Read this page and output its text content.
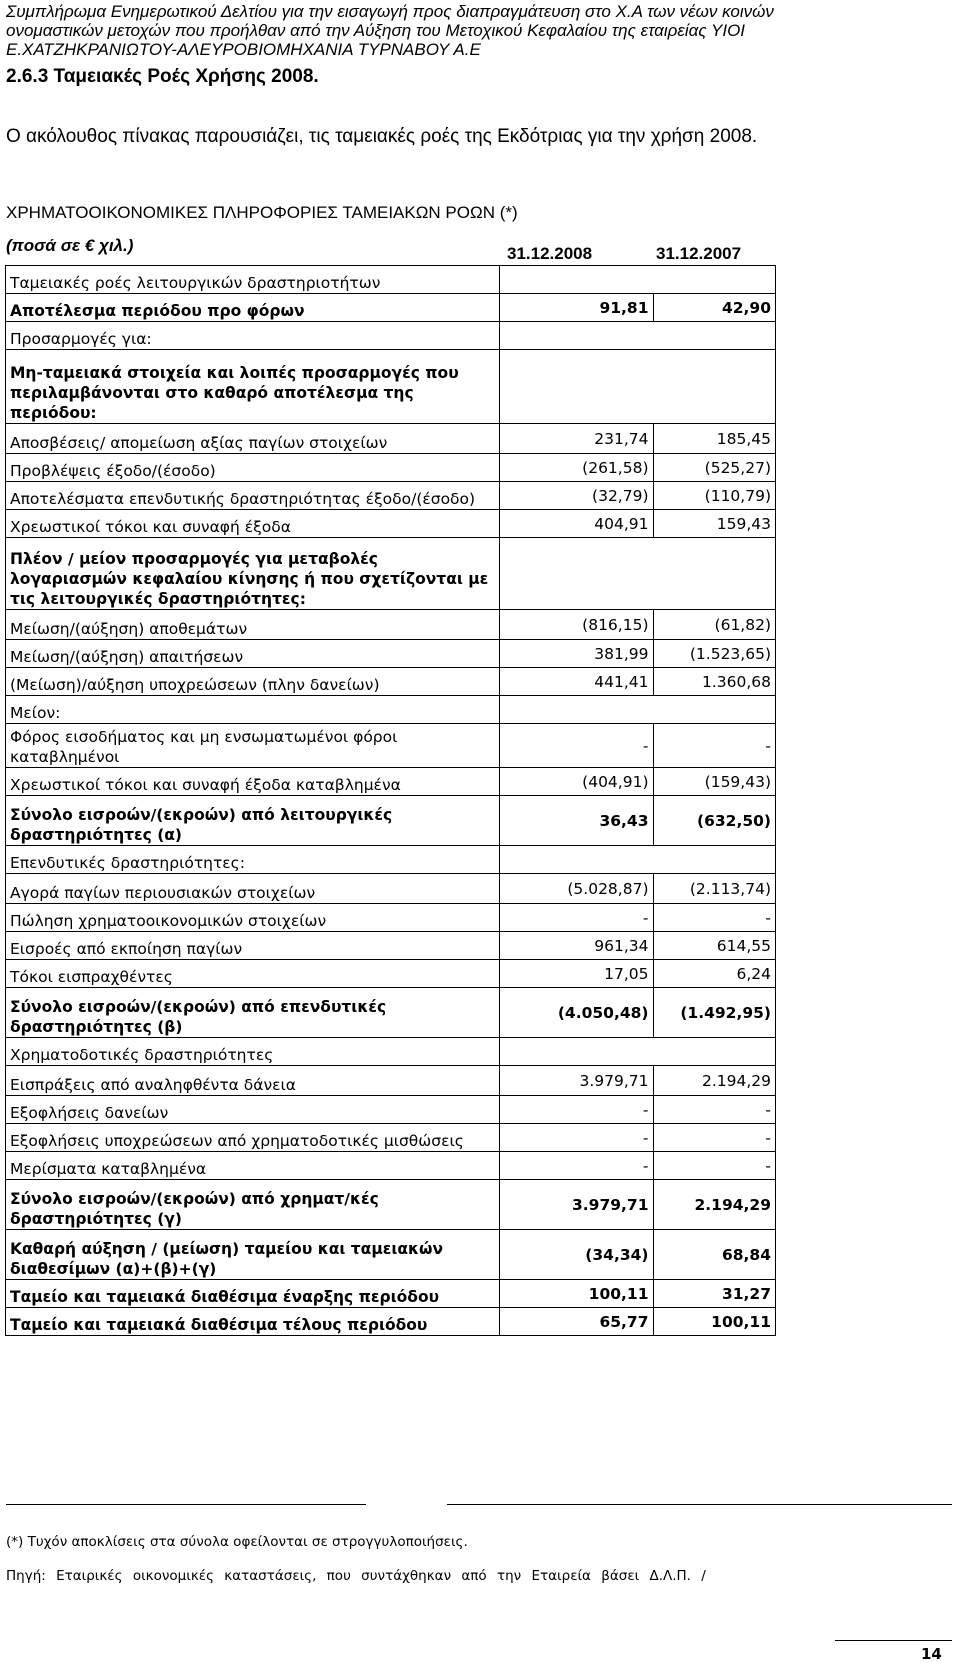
Συμπλήρωμα Ενημερωτικού Δελτίου για την εισαγωγή προς διαπραγμάτευση στο Χ.Α των νέων κοινών ονομαστικών μετοχών που προήλθαν από την Αύξηση του Μετοχικού Κεφαλαίου της εταιρείας ΥΙΟΙ Ε.ΧΑΤΖΗΚΡΑΝΙΩΤΟΥ-ΑΛΕΥΡΟΒΙΟΜΗΧΑΝΙΑ ΤΥΡΝΑΒΟΥ Α.Ε
2.6.3 Ταμειακές Ροές Χρήσης 2008.
Ο ακόλουθος πίνακας παρουσιάζει, τις ταμειακές ροές της Εκδότριας για την χρήση 2008.
ΧΡΗΜΑΤΟΟΙΚΟΝΟΜΙΚΕΣ ΠΛΗΡΟΦΟΡΙΕΣ ΤΑΜΕΙΑΚΩΝ ΡΟΩΝ (*)
(ποσά σε € χιλ.)	31.12.2008	31.12.2007
Ταμειακές ροές λειτουργικών δραστηριοτήτων		
Αποτέλεσμα περιόδου προ φόρων	91,81	42,90
Προσαρμογές για:		
Μη-ταμειακά στοιχεία και λοιπές προσαρμογές που περιλαμβάνονται στο καθαρό αποτέλεσμα της περιόδου:		
Αποσβέσεις/ απομείωση αξίας παγίων στοιχείων	231,74	185,45
Προβλέψεις έξοδο/(έσοδο)	(261,58)	(525,27)
Αποτελέσματα επενδυτικής δραστηριότητας έξοδο/(έσοδο)	(32,79)	(110,79)
Χρεωστικοί τόκοι και συναφή έξοδα	404,91	159,43
Πλέον / μείον προσαρμογές για μεταβολές λογαριασμών κεφαλαίου κίνησης ή που σχετίζονται με τις λειτουργικές δραστηριότητες:		
Μείωση/(αύξηση) αποθεμάτων	(816,15)	(61,82)
Μείωση/(αύξηση) απαιτήσεων	381,99	(1.523,65)
(Μείωση)/αύξηση υποχρεώσεων (πλην δανείων)	441,41	1.360,68
Μείον:		
Φόρος εισοδήματος και μη ενσωματωμένοι φόροι καταβλημένοι	-	-
Χρεωστικοί τόκοι και συναφή έξοδα καταβλημένα	(404,91)	(159,43)
Σύνολο εισροών/(εκροών) από λειτουργικές δραστηριότητες (α)	36,43	(632,50)
Επενδυτικές δραστηριότητες:		
Αγορά παγίων περιουσιακών στοιχείων	(5.028,87)	(2.113,74)
Πώληση χρηματοοικονομικών στοιχείων	-	-
Εισροές από εκποίηση παγίων	961,34	614,55
Τόκοι εισπραχθέντες	17,05	6,24
Σύνολο εισροών/(εκροών) από επενδυτικές δραστηριότητες (β)	(4.050,48)	(1.492,95)
Χρηματοδοτικές δραστηριότητες		
Εισπράξεις από αναληφθέντα δάνεια	3.979,71	2.194,29
Εξοφλήσεις δανείων	-	-
Εξοφλήσεις υποχρεώσεων από χρηματοδοτικές μισθώσεις	-	-
Μερίσματα καταβλημένα	-	-
Σύνολο εισροών/(εκροών) από χρηματ/κές δραστηριότητες (γ)	3.979,71	2.194,29
Καθαρή αύξηση / (μείωση) ταμείου και ταμειακών διαθεσίμων (α)+(β)+(γ)	(34,34)	68,84
Ταμείο και ταμειακά διαθέσιμα έναρξης περιόδου	100,11	31,27
Ταμείο και ταμειακά διαθέσιμα τέλους περιόδου	65,77	100,11
(*) Τυχόν αποκλίσεις στα σύνολα οφείλονται σε στρογγυλοποιήσεις.
Πηγή: Εταιρικές οικονομικές καταστάσεις, που συντάχθηκαν από την Εταιρεία βάσει Δ.Λ.Π. /
14
